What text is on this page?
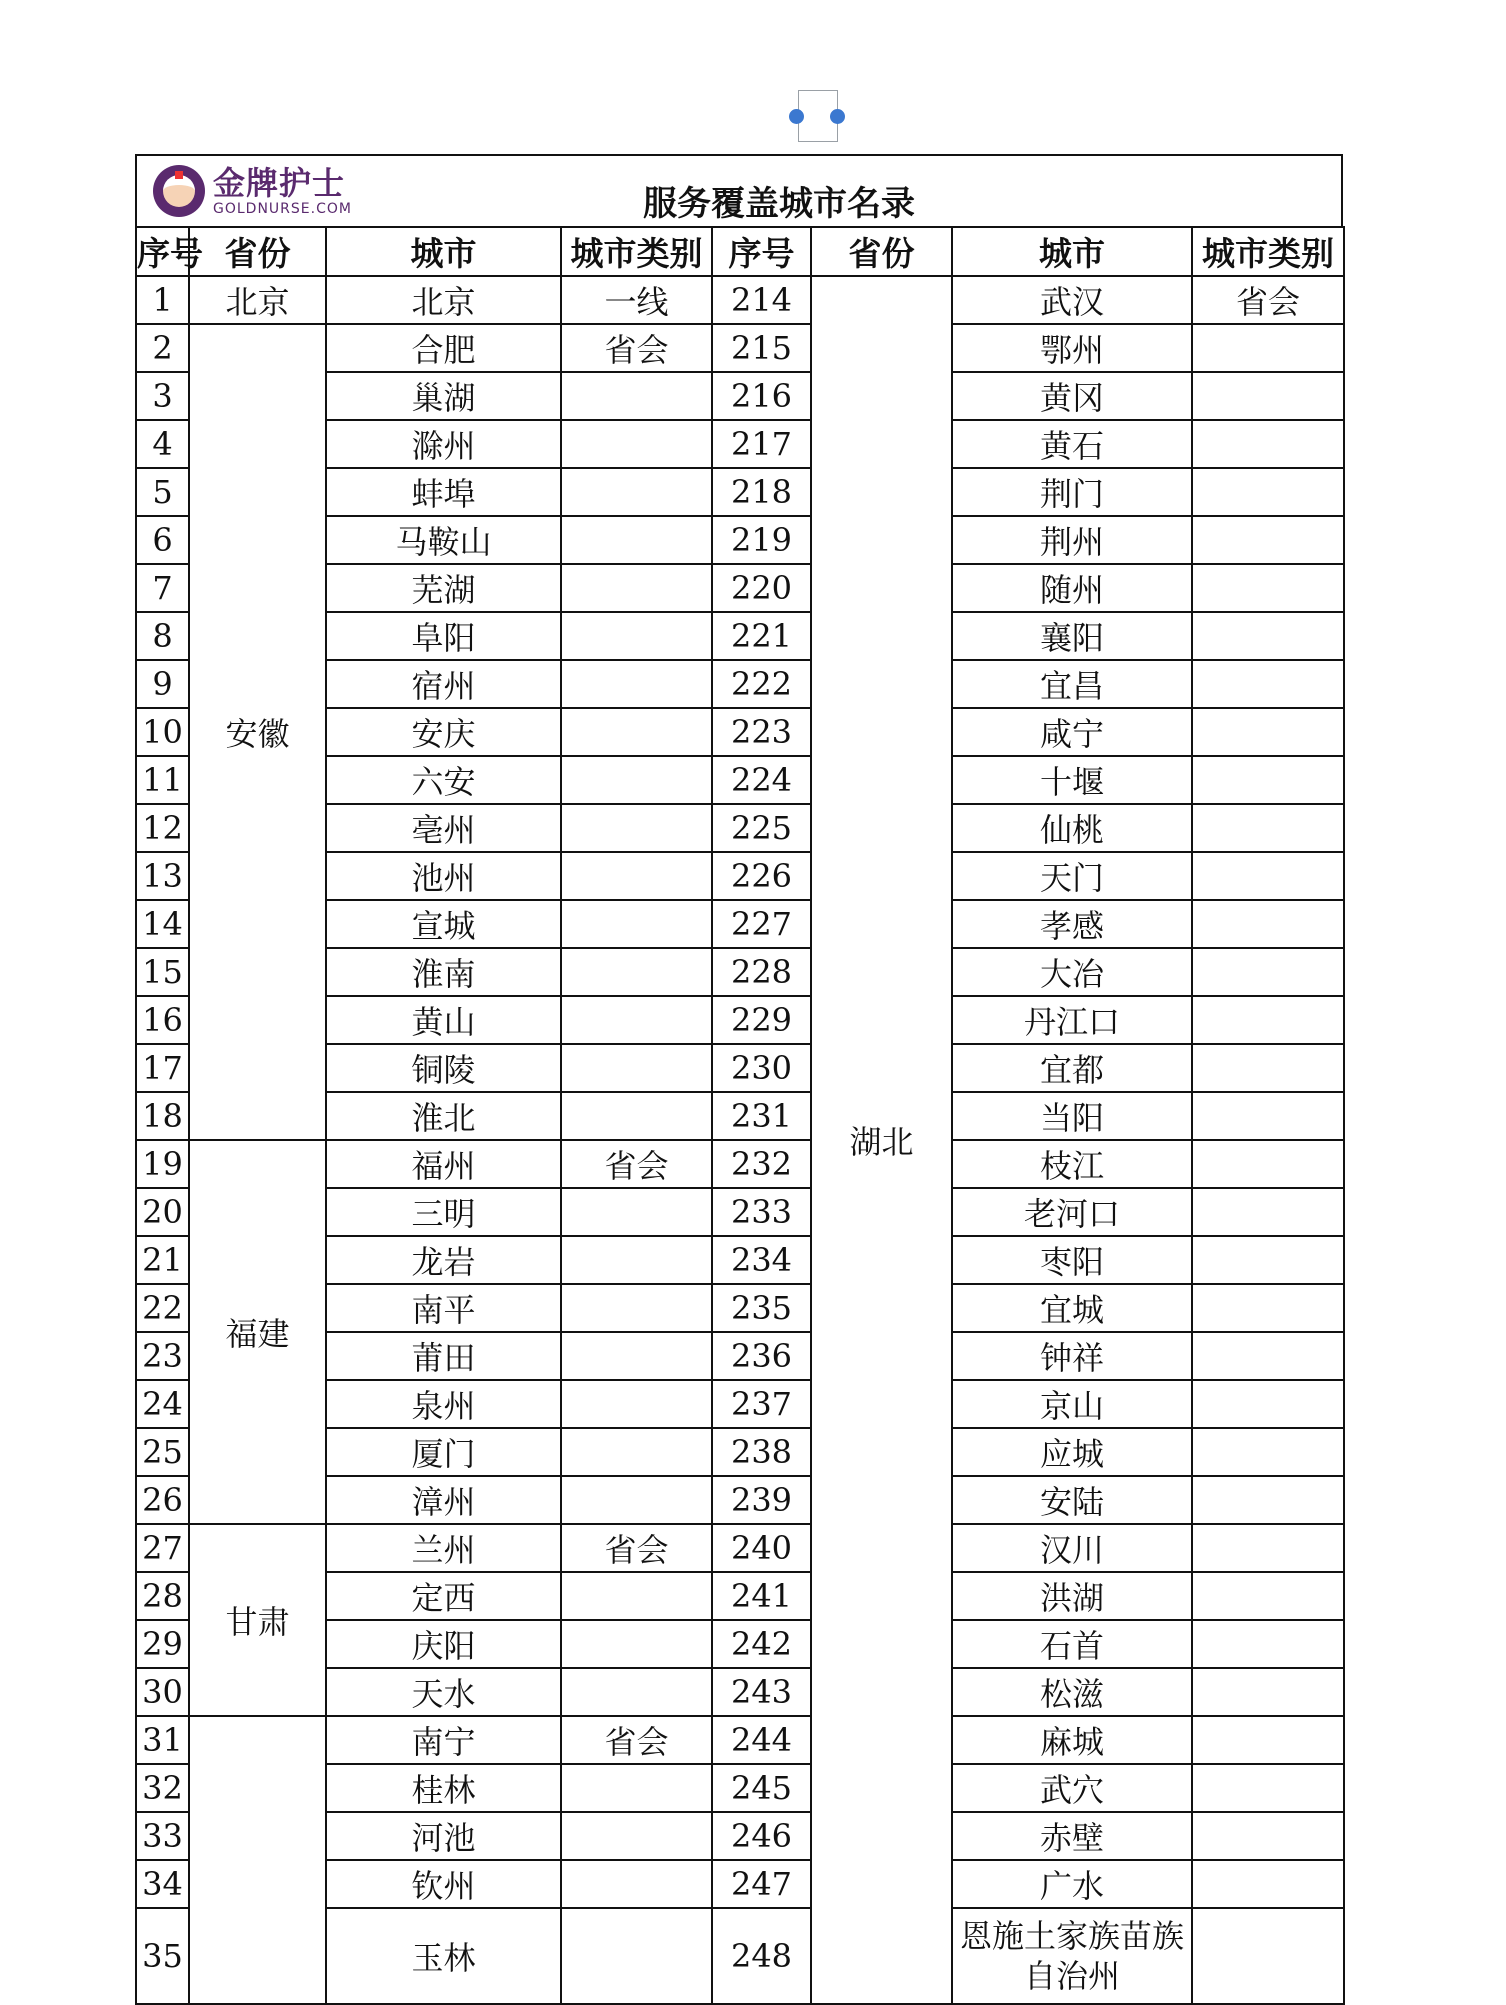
金牌护士
GOLDNURSE.COM	服务覆盖城市名录
序号	省份	城市	城市类别	序号	省份	城市	城市类别
1	北京	北京	一线	214	湖北	武汉	省会
2	安徽	合肥	省会	215		鄂州	
3		巢湖		216		黄冈	
4		滁州		217		黄石	
5		蚌埠		218		荆门	
6		马鞍山		219		荆州	
7		芜湖		220		随州	
8		阜阳		221		襄阳	
9		宿州		222		宜昌	
10		安庆		223		咸宁	
11		六安		224		十堰	
12		亳州		225		仙桃	
13		池州		226		天门	
14		宣城		227		孝感	
15		淮南		228		大冶	
16		黄山		229		丹江口	
17		铜陵		230		宜都	
18		淮北		231		当阳	
19	福建	福州	省会	232		枝江	
20		三明		233		老河口	
21		龙岩		234		枣阳	
22		南平		235		宜城	
23		莆田		236		钟祥	
24		泉州		237		京山	
25		厦门		238		应城	
26		漳州		239		安陆	
27	甘肃	兰州	省会	240		汉川	
28		定西		241		洪湖	
29		庆阳		242		石首	
30		天水		243		松滋	
31		南宁	省会	244		麻城	
32		桂林		245		武穴	
33		河池		246		赤壁	
34		钦州		247		广水	
35		玉林		248		恩施土家族苗族自治州	
